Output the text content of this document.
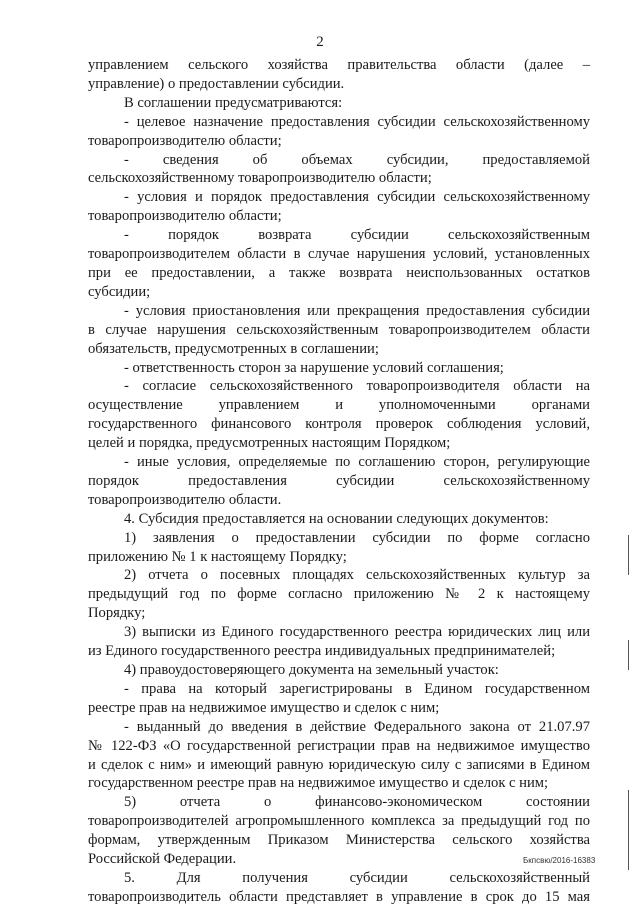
2
управлением сельского хозяйства правительства области (далее –
управление) о предоставлении субсидии.
В соглашении предусматриваются:
- целевое назначение предоставления субсидии сельскохозяйственному
товаропроизводителю области;
- сведения об объемах субсидии, предоставляемой
сельскохозяйственному товаропроизводителю области;
- условия и порядок предоставления субсидии сельскохозяйственному
товаропроизводителю области;
- порядок возврата субсидии сельскохозяйственным
товаропроизводителем области в случае нарушения условий, установленных
при ее предоставлении, а также возврата неиспользованных остатков
субсидии;
- условия приостановления или прекращения предоставления субсидии
в случае нарушения сельскохозяйственным товаропроизводителем области
обязательств, предусмотренных в соглашении;
- ответственность сторон за нарушение условий соглашения;
- согласие сельскохозяйственного товаропроизводителя области на
осуществление управлением и уполномоченными органами
государственного финансового контроля проверок соблюдения условий,
целей и порядка, предусмотренных настоящим Порядком;
- иные условия, определяемые по соглашению сторон, регулирующие
порядок предоставления субсидии сельскохозяйственному
товаропроизводителю области.
4. Субсидия предоставляется на основании следующих документов:
1) заявления о предоставлении субсидии по форме согласно
приложению № 1 к настоящему Порядку;
2) отчета о посевных площадях сельскохозяйственных культур за
предыдущий год по форме согласно приложению № 2 к настоящему
Порядку;
3) выписки из Единого государственного реестра юридических лиц или
из Единого государственного реестра индивидуальных предпринимателей;
4) правоудостоверяющего документа на земельный участок:
- права на который зарегистрированы в Едином государственном
реестре прав на недвижимое имущество и сделок с ним;
- выданный до введения в действие Федерального закона от 21.07.97
№ 122-ФЗ «О государственной регистрации прав на недвижимое имущество
и сделок с ним» и имеющий равную юридическую силу с записями в Едином
государственном реестре прав на недвижимое имущество и сделок с ним;
5) отчета о финансово-экономическом состоянии
товаропроизводителей агропромышленного комплекса за предыдущий год по
формам, утвержденным Приказом Министерства сельского хозяйства
Российской Федерации.
5. Для получения субсидии сельскохозяйственный
товаропроизводитель области представляет в управление в срок до 15 мая
Бкпсвю/2016-16383
